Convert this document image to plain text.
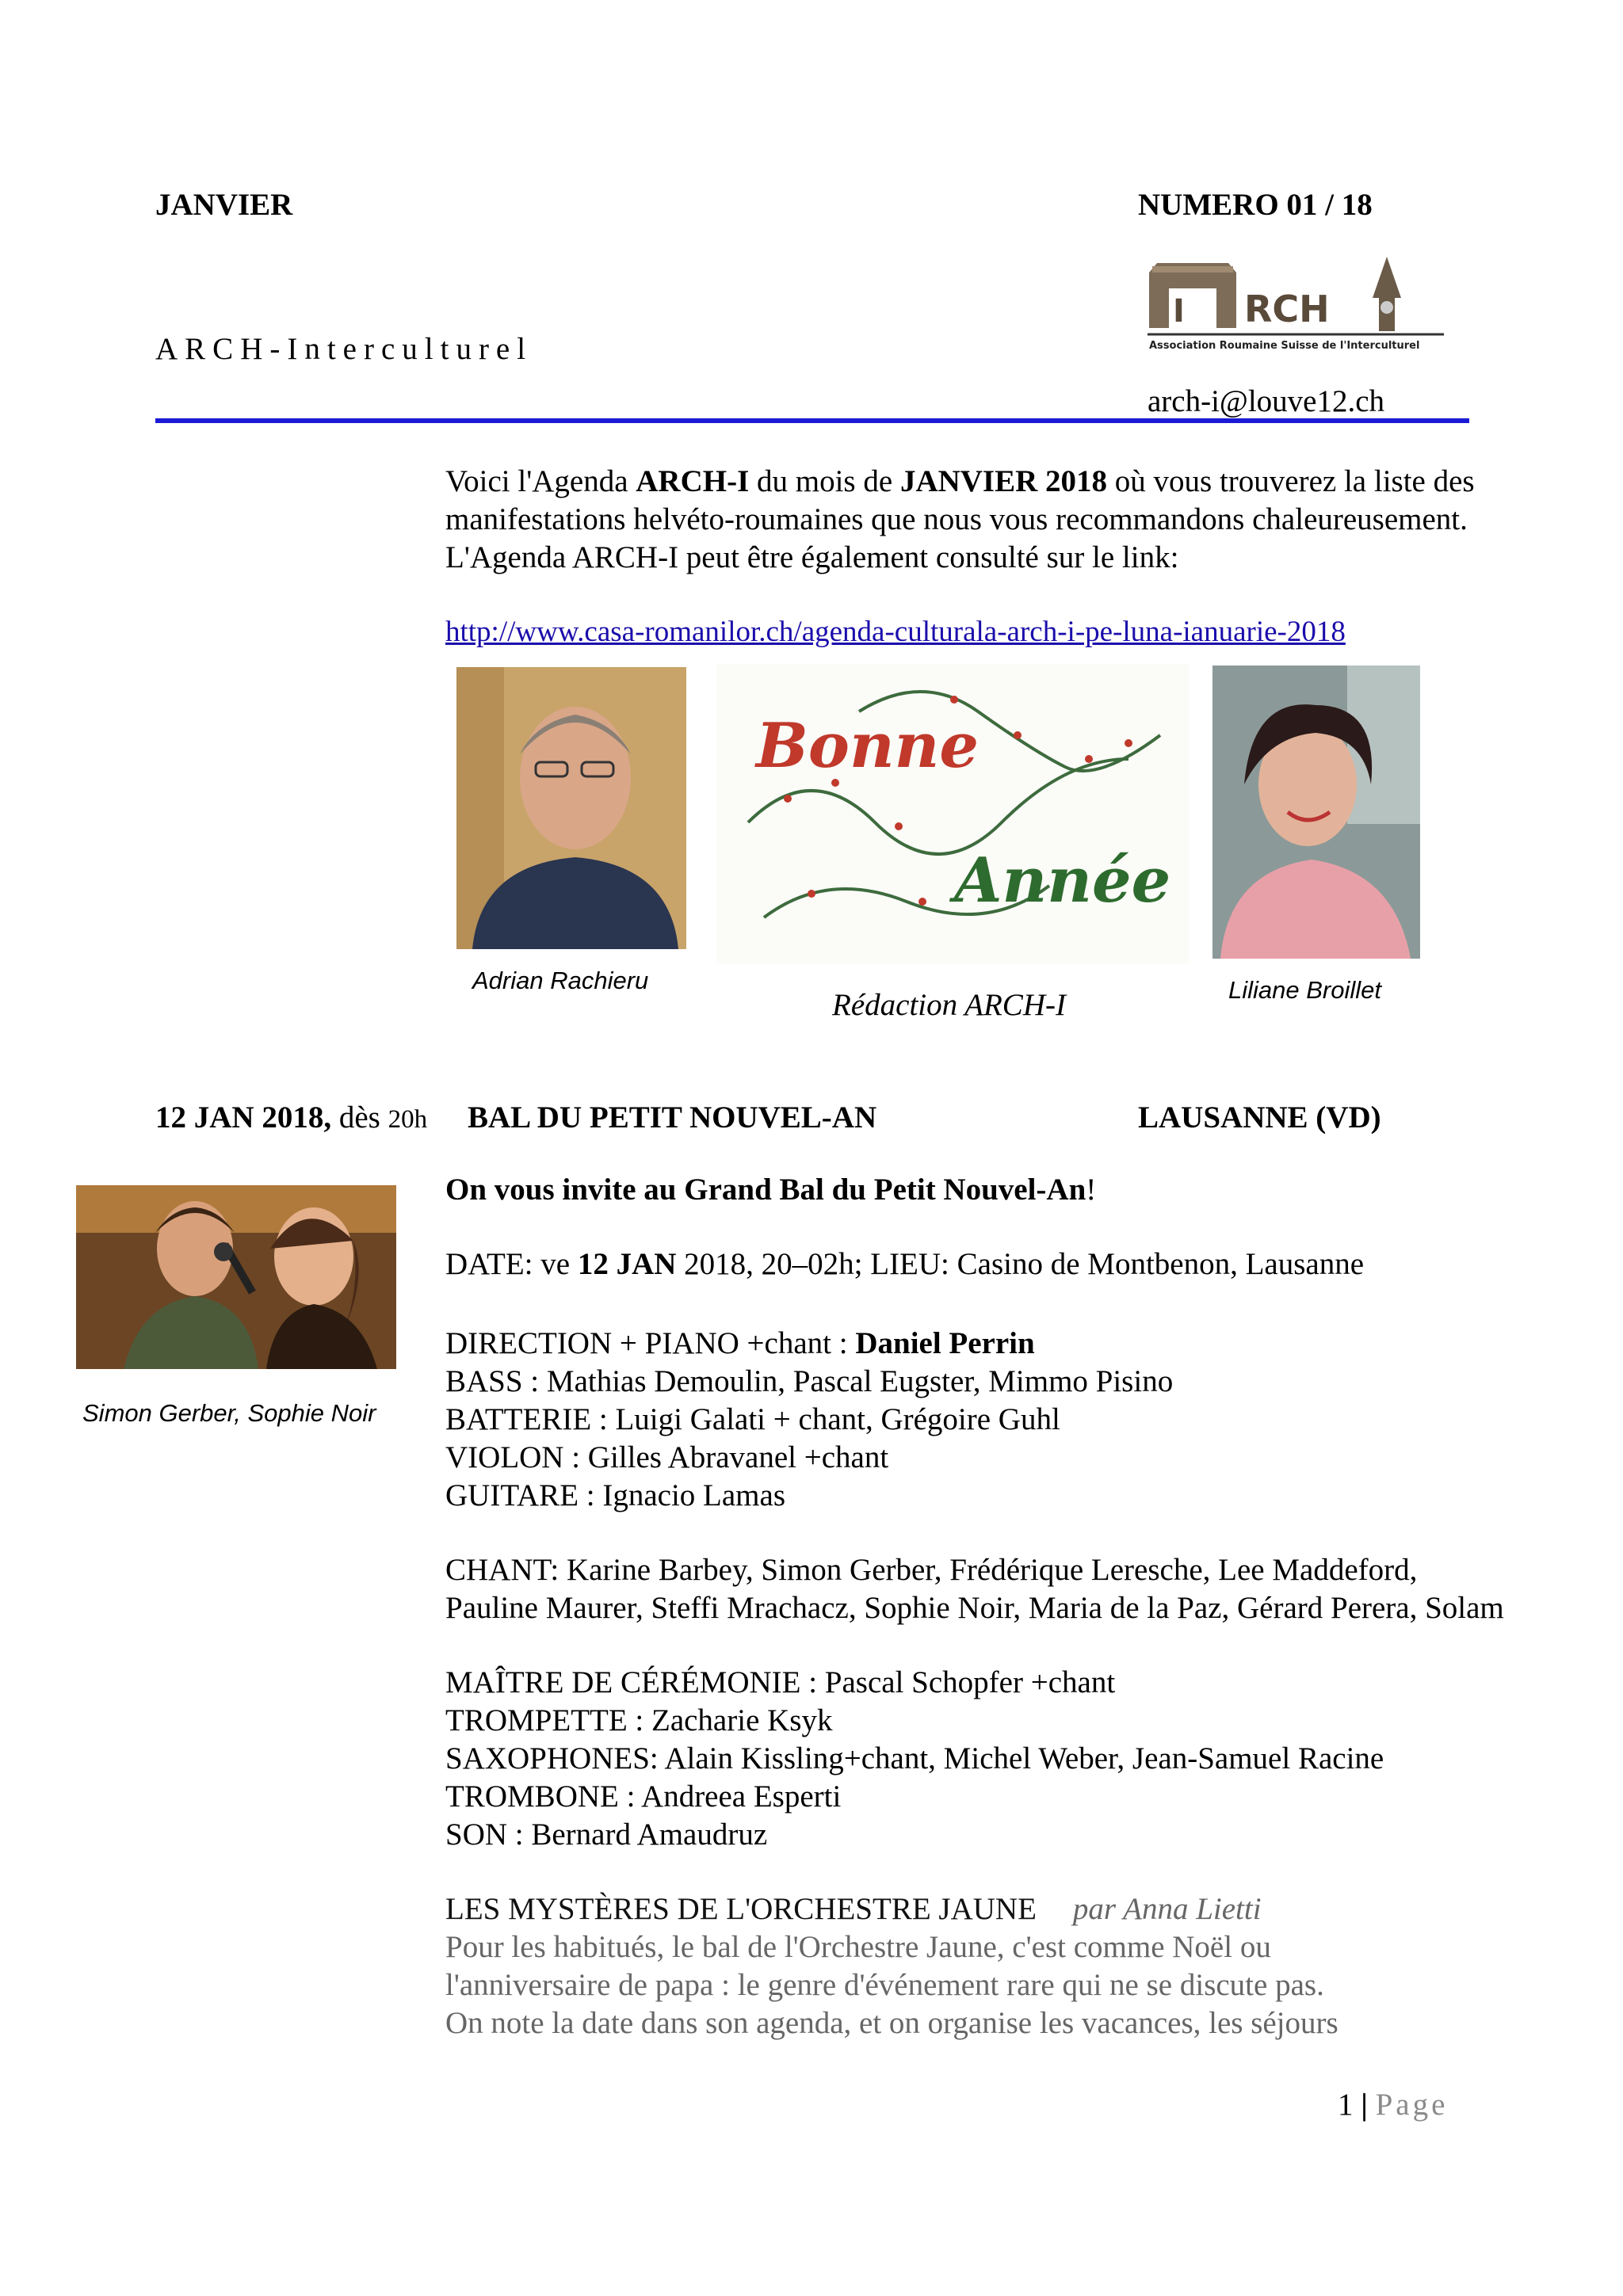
JANVIER	NUMERO 01 / 18
ARCH-Interculturel
I RCH
Association Roumaine Suisse de l'Interculturel
arch-i@louve12.ch
Voici l'Agenda ARCH-I du mois de JANVIER 2018 où vous trouverez la liste des manifestations helvéto-roumaines que nous vous recommandons chaleureusement. L'Agenda ARCH-I peut être également consulté sur le link:
http://www.casa-romanilor.ch/agenda-culturala-arch-i-pe-luna-ianuarie-2018
Bonne
Année
Adrian Rachieru
Rédaction ARCH-I	Liliane Broillet
12 JAN 2018, dès 20h BAL DU PETIT NOUVEL-AN	LAUSANNE (VD)
Simon Gerber, Sophie Noir

On vous invite au Grand Bal du Petit Nouvel-An!

DATE: ve 12 JAN 2018, 20–02h; LIEU: Casino de Montbenon, Lausanne

DIRECTION + PIANO +chant : Daniel Perrin
BASS : Mathias Demoulin, Pascal Eugster, Mimmo Pisino
BATTERIE : Luigi Galati + chant, Grégoire Guhl
VIOLON : Gilles Abravanel +chant
GUITARE : Ignacio Lamas

CHANT: Karine Barbey, Simon Gerber, Frédérique Leresche, Lee Maddeford, Pauline Maurer, Steffi Mrachacz, Sophie Noir, Maria de la Paz, Gérard Perera, Solam

MAÎTRE DE CÉRÉMONIE : Pascal Schopfer +chant
TROMPETTE : Zacharie Ksyk
SAXOPHONES: Alain Kissling+chant, Michel Weber, Jean-Samuel Racine
TROMBONE : Andreea Esperti
SON : Bernard Amaudruz

LES MYSTÈRES DE L'ORCHESTRE JAUNE par Anna Lietti
Pour les habitués, le bal de l'Orchestre Jaune, c'est comme Noël ou
l'anniversaire de papa : le genre d'événement rare qui ne se discute pas.
On note la date dans son agenda, et on organise les vacances, les séjours

1 | Page
